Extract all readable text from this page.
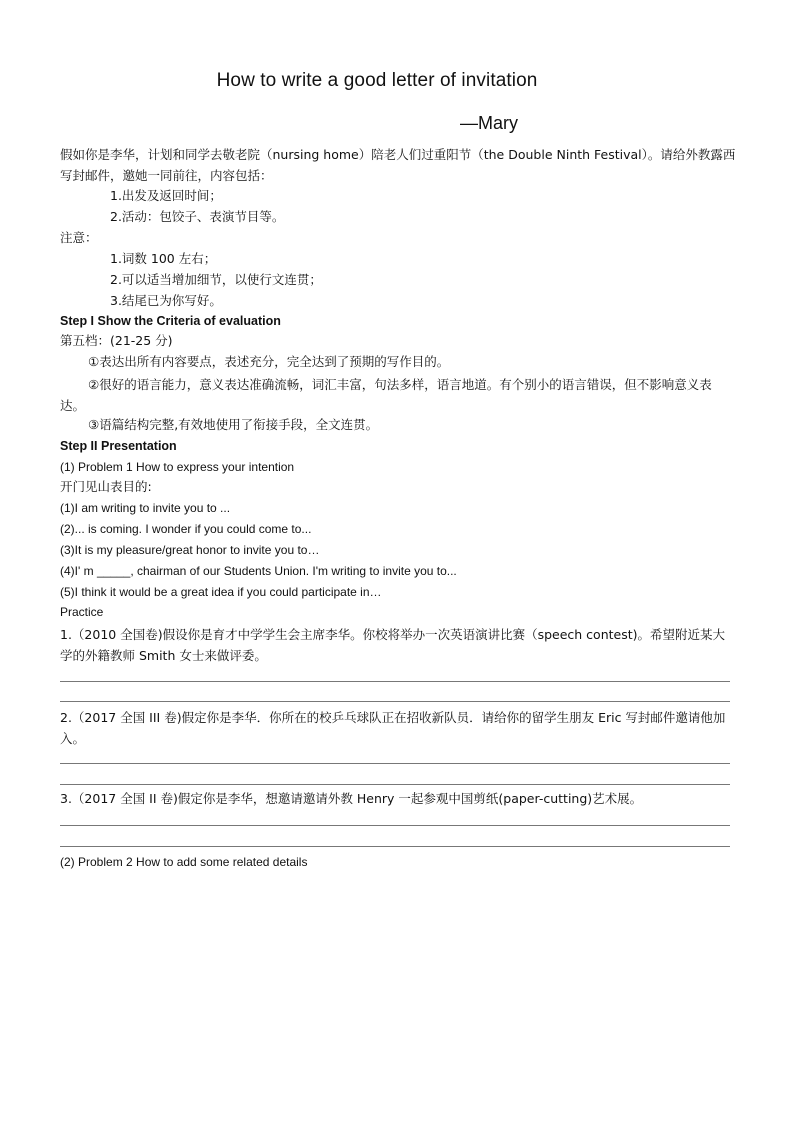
How to write a good letter of invitation
—Mary
假如你是李华，计划和同学去敬老院（nursing home）陪老人们过重阳节（the Double Ninth Festival）。请给外教露西写封邮件，邀她一同前往，内容包括：
1.出发及返回时间；
2.活动：包饺子、表演节目等。
注意：
1.词数 100 左右；
2.可以适当增加细节，以使行文连贯；
3.结尾已为你写好。
Step I Show the Criteria of evaluation
第五档：(21-25 分)
①表达出所有内容要点，表述充分，完全达到了预期的写作目的。
②很好的语言能力，意义表达准确流畅，词汇丰富，句法多样，语言地道。有个别小的语言错误，但不影响意义表达。
③语篇结构完整,有效地使用了衔接手段，全文连贯。
Step II Presentation
(1) Problem 1 How to express your intention
开门见山表目的:
(1)I am writing to invite you to ...
(2)... is coming. I wonder if you could come to...
(3)It is my pleasure/great honor to invite you to…
(4)I' m _____, chairman of our Students Union. I'm writing to invite you to...
(5)I think it would be a great idea if you could participate in…
Practice
1.（2010 全国卷)假设你是育才中学学生会主席李华。你校将举办一次英语演讲比赛（speech contest)。希望附近某大学的外籍教师 Smith 女士来做评委。
2.（2017 全国 III 卷)假定你是李华．你所在的校乒乓球队正在招收新队员．请给你的留学生朋友 Eric 写封邮件邀请他加入。
3.（2017 全国 II 卷)假定你是李华，想邀请邀请外教 Henry 一起参观中国剪纸(paper-cutting)艺术展。
(2) Problem 2 How to add some related details
